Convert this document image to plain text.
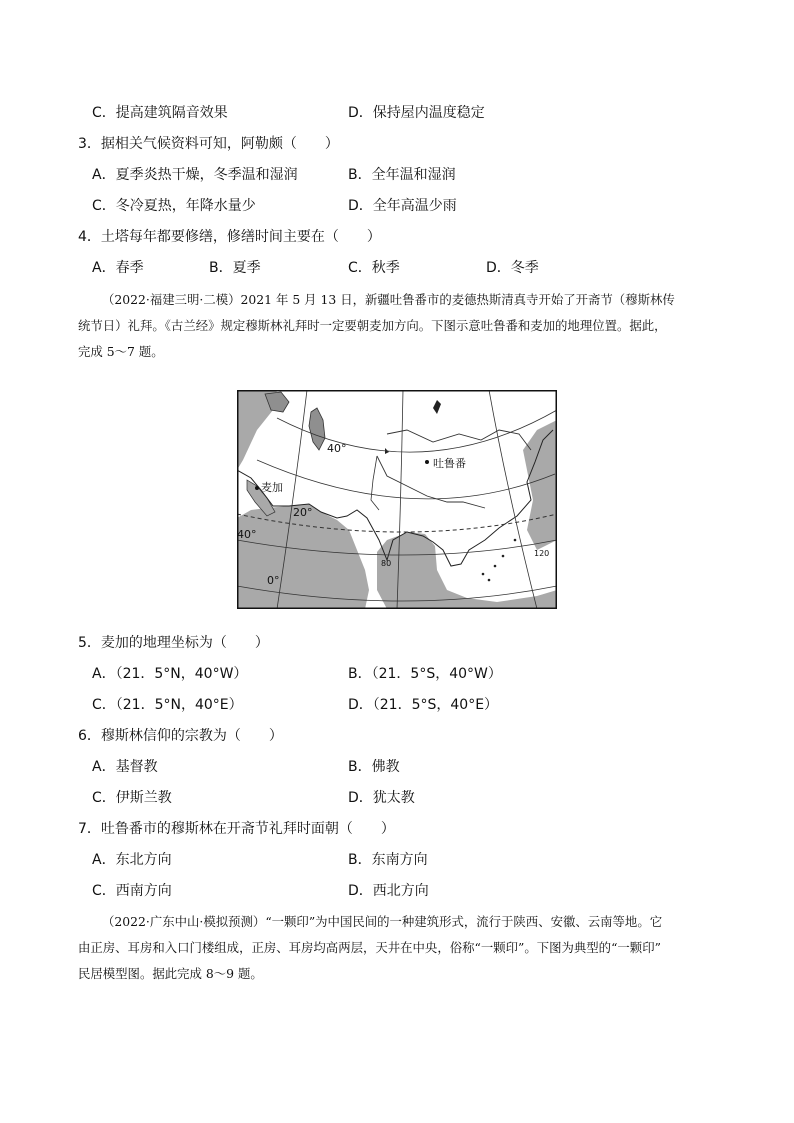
C．提高建筑隔音效果	D．保持屋内温度稳定
3．据相关气候资料可知，阿勒颇（　　）
A．夏季炎热干燥，冬季温和湿润	B．全年温和湿润
C．冬冷夏热，年降水量少	D．全年高温少雨
4．土塔每年都要修缮，修缮时间主要在（　　）
A．春季	B．夏季	C．秋季	D．冬季
（2022·福建三明·二模）2021 年 5 月 13 日，新疆吐鲁番市的麦德热斯清真寺开始了开斋节（穆斯林传
统节日）礼拜。《古兰经》规定穆斯林礼拜时一定要朝麦加方向。下图示意吐鲁番和麦加的地理位置。据此，
完成 5～7 题。
吐鲁番
麦加
40°
20°
40°
0°
80
120
5．麦加的地理坐标为（　　）
A．（21．5°N，40°W）	B．（21．5°S，40°W）
C．（21．5°N，40°E）	D．（21．5°S，40°E）
6．穆斯林信仰的宗教为（　　）
A．基督教	B．佛教
C．伊斯兰教	D．犹太教
7．吐鲁番市的穆斯林在开斋节礼拜时面朝（　　）
A．东北方向	B．东南方向
C．西南方向	D．西北方向
（2022·广东中山·模拟预测）“一颗印”为中国民间的一种建筑形式，流行于陕西、安徽、云南等地。它
由正房、耳房和入口门楼组成，正房、耳房均高两层，天井在中央，俗称“一颗印”。下图为典型的“一颗印”
民居模型图。据此完成 8～9 题。
